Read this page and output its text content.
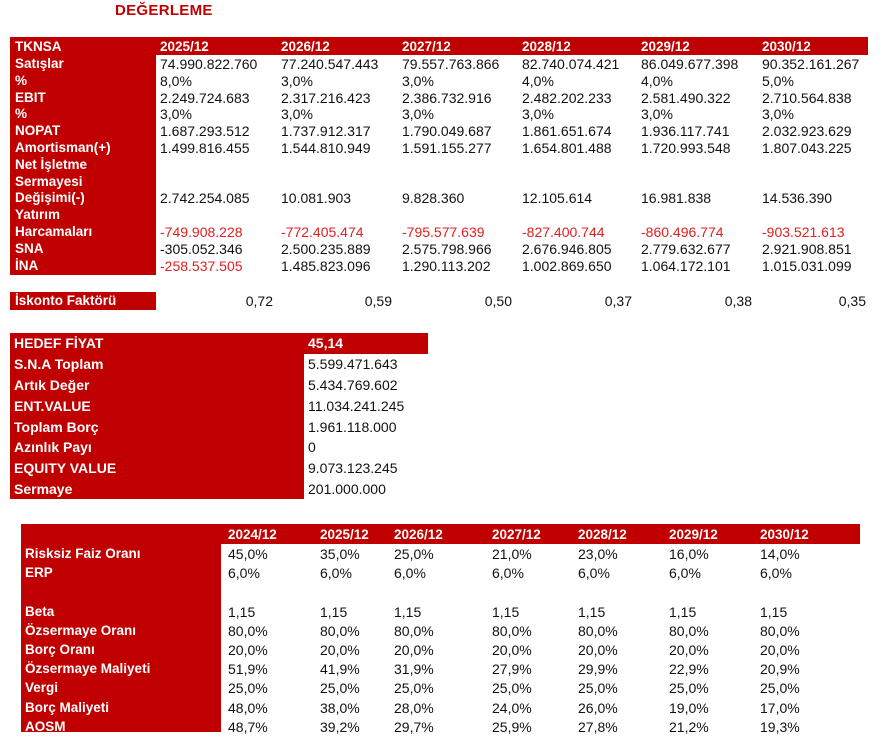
DEĞERLEME
TKNSA	2025/12	2026/12	2027/12	2028/12	2029/12	2030/12
Satışlar	74.990.822.760 77.240.547.443 79.557.763.866 82.740.074.421 86.049.677.398 90.352.161.267
%	8,0%	3,0%	3,0%	4,0%	4,0%	5,0%
EBIT	2.249.724.683 2.317.216.423 2.386.732.916 2.482.202.233 2.581.490.322 2.710.564.838
%	3,0%	3,0%	3,0%	3,0%	3,0%	3,0%
NOPAT	1.687.293.512 1.737.912.317 1.790.049.687 1.861.651.674 1.936.117.741 2.032.923.629
Amortisman(+)	1.499.816.455 1.544.810.949 1.591.155.277 1.654.801.488 1.720.993.548 1.807.043.225
Net İşletme
Sermayesi
Değişimi(-)	2.742.254.085 10.081.903	9.828.360	12.105.614	16.981.838	14.536.390
Yatırım
Harcamaları	-749.908.228	-772.405.474	-795.577.639	-827.400.744	-860.496.774	-903.521.613
SNA	-305.052.346	2.500.235.889 2.575.798.966 2.676.946.805 2.779.632.677 2.921.908.851
İNA	-258.537.505	1.485.823.096 1.290.113.202 1.002.869.650 1.064.172.101 1.015.031.099
İskonto Faktörü	0,72	0,59	0,50	0,37	0,38	0,35
HEDEF FİYAT	45,14
S.N.A Toplam	5.599.471.643
Artık Değer	5.434.769.602
ENT.VALUE	11.034.241.245
Toplam Borç	1.961.118.000
Azınlık Payı	0
EQUITY VALUE	9.073.123.245
Sermaye	201.000.000
2024/12	2025/12 2026/12	2027/12	2028/12	2029/12	2030/12
Risksiz Faiz Oranı	45,0%	35,0% 25,0%	21,0%	23,0%	16,0%	14,0%
ERP	6,0%	6,0%	6,0%	6,0%	6,0%	6,0%	6,0%
Beta	1,15	1,15	1,15	1,15	1,15	1,15	1,15
Özsermaye Oranı	80,0%	80,0% 80,0%	80,0%	80,0%	80,0%	80,0%
Borç Oranı	20,0%	20,0% 20,0%	20,0%	20,0%	20,0%	20,0%
Özsermaye Maliyeti	51,9%	41,9% 31,9%	27,9%	29,9%	22,9%	20,9%
Vergi	25,0%	25,0% 25,0%	25,0%	25,0%	25,0%	25,0%
Borç Maliyeti	48,0%	38,0% 28,0%	24,0%	26,0%	19,0%	17,0%
AOSM	48,7%	39,2% 29,7%	25,9%	27,8%	21,2%	19,3%
